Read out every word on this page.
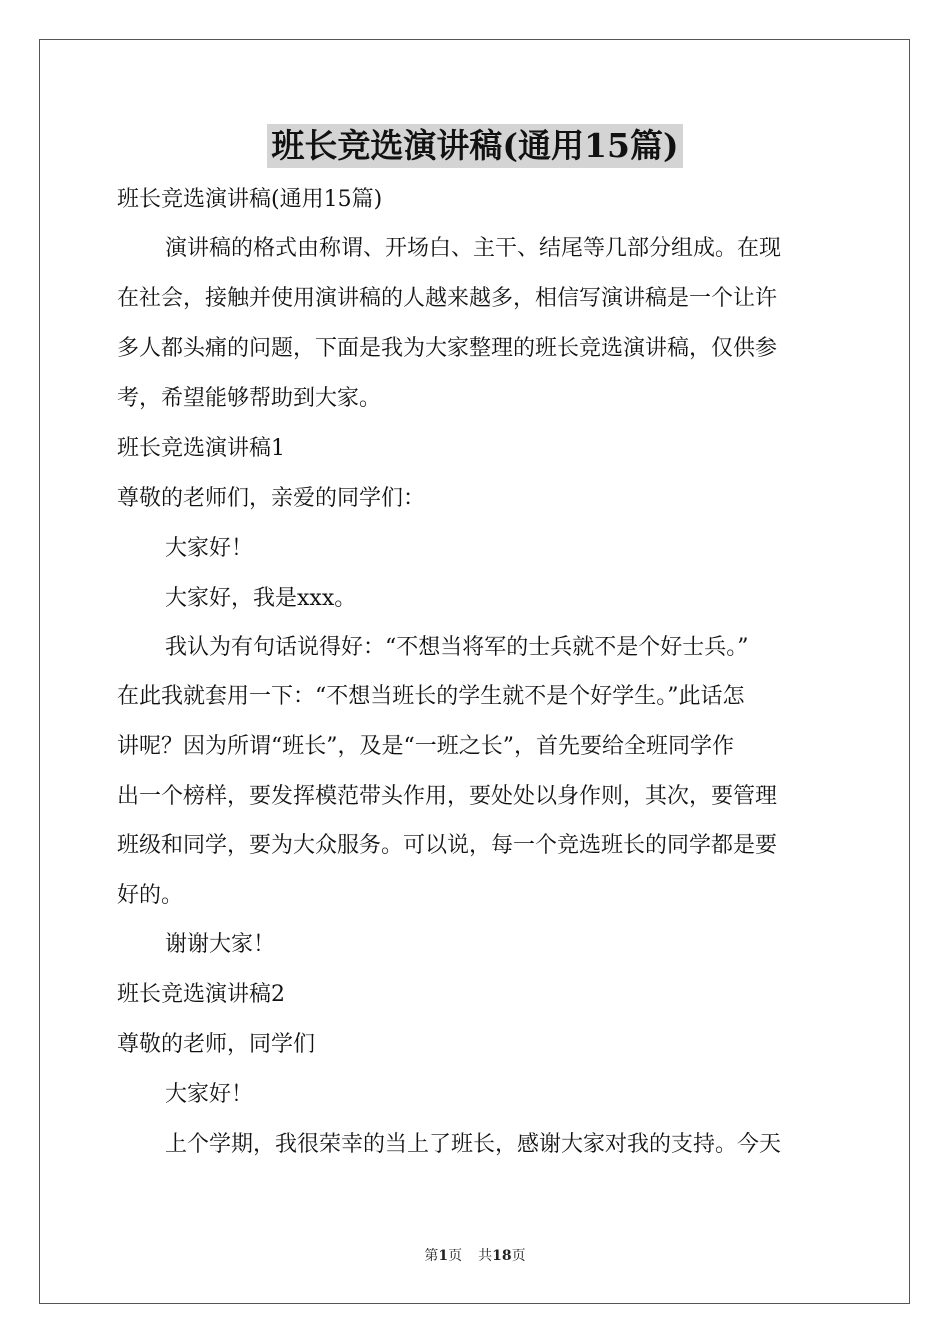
班长竞选演讲稿(通用15篇)
班长竞选演讲稿(通用15篇)
演讲稿的格式由称谓、开场白、主干、结尾等几部分组成。在现
在社会，接触并使用演讲稿的人越来越多，相信写演讲稿是一个让许
多人都头痛的问题，下面是我为大家整理的班长竞选演讲稿，仅供参
考，希望能够帮助到大家。
班长竞选演讲稿1
尊敬的老师们，亲爱的同学们：
大家好！
大家好，我是xxx。
我认为有句话说得好：“不想当将军的士兵就不是个好士兵。”
在此我就套用一下：“不想当班长的学生就不是个好学生。”此话怎
讲呢？因为所谓“班长”，及是“一班之长”，首先要给全班同学作
出一个榜样，要发挥模范带头作用，要处处以身作则，其次，要管理
班级和同学，要为大众服务。可以说，每一个竞选班长的同学都是要
好的。
谢谢大家！
班长竞选演讲稿2
尊敬的老师，同学们
大家好！
上个学期，我很荣幸的当上了班长，感谢大家对我的支持。今天
第1页 共18页
